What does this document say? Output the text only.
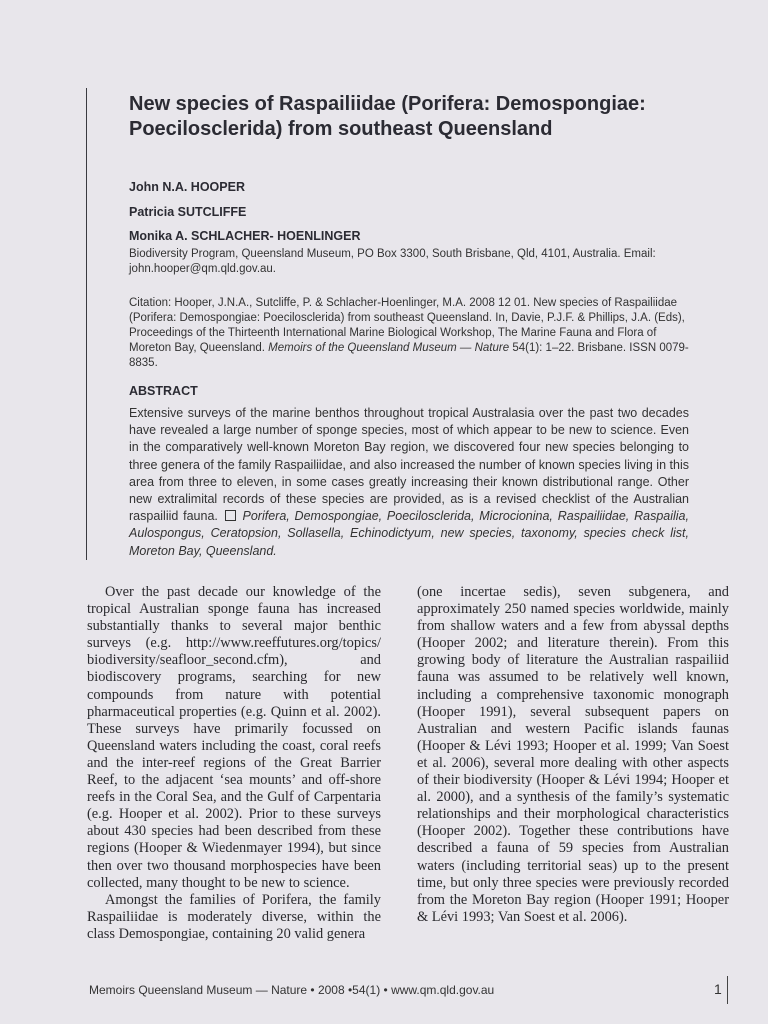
New species of Raspailiidae (Porifera: Demospongiae: Poecilosclerida) from southeast Queensland
John N.A. HOOPER
Patricia SUTCLIFFE
Monika A. SCHLACHER- HOENLINGER
Biodiversity Program, Queensland Museum, PO Box 3300, South Brisbane, Qld, 4101, Australia. Email: john.hooper@qm.qld.gov.au.
Citation: Hooper, J.N.A., Sutcliffe, P. & Schlacher-Hoenlinger, M.A. 2008 12 01. New species of Raspailiidae (Porifera: Demospongiae: Poecilosclerida) from southeast Queensland. In, Davie, P.J.F. & Phillips, J.A. (Eds), Proceedings of the Thirteenth International Marine Biological Workshop, The Marine Fauna and Flora of Moreton Bay, Queensland. Memoirs of the Queensland Museum — Nature 54(1): 1–22. Brisbane. ISSN 0079-8835.
ABSTRACT
Extensive surveys of the marine benthos throughout tropical Australasia over the past two decades have revealed a large number of sponge species, most of which appear to be new to science. Even in the comparatively well-known Moreton Bay region, we discovered four new species belonging to three genera of the family Raspailiidae, and also increased the number of known species living in this area from three to eleven, in some cases greatly increasing their known distributional range. Other new extralimital records of these species are provided, as is a revised checklist of the Australian raspailiid fauna. Porifera, Demospongiae, Poecilosclerida, Microcionina, Raspailiidae, Raspailia, Aulospongus, Ceratopsion, Sollasella, Echinodictyum, new species, taxonomy, species check list, Moreton Bay, Queensland.

Over the past decade our knowledge of the tropical Australian sponge fauna has increased substantially thanks to several major benthic surveys (e.g. http://www.reeffutures.org/topics/ biodiversity/seafloor_second.cfm), and biodiscovery programs, searching for new compounds from nature with potential pharmaceutical properties (e.g. Quinn et al. 2002). These surveys have primarily focussed on Queensland waters including the coast, coral reefs and the inter-reef regions of the Great Barrier Reef, to the adjacent ‘sea mounts’ and off-shore reefs in the Coral Sea, and the Gulf of Carpentaria (e.g. Hooper et al. 2002). Prior to these surveys about 430 species had been described from these regions (Hooper & Wiedenmayer 1994), but since then over two thousand morphospecies have been collected, many thought to be new to science.

Amongst the families of Porifera, the family Raspailiidae is moderately diverse, within the class Demospongiae, containing 20 valid genera

(one incertae sedis), seven subgenera, and approximately 250 named species worldwide, mainly from shallow waters and a few from abyssal depths (Hooper 2002; and literature therein). From this growing body of literature the Australian raspailiid fauna was assumed to be relatively well known, including a comprehensive taxonomic monograph (Hooper 1991), several subsequent papers on Australian and western Pacific islands faunas (Hooper & Lévi 1993; Hooper et al. 1999; Van Soest et al. 2006), several more dealing with other aspects of their biodiversity (Hooper & Lévi 1994; Hooper et al. 2000), and a synthesis of the family’s systematic relationships and their morphological characteristics (Hooper 2002). Together these contributions have described a fauna of 59 species from Australian waters (including territorial seas) up to the present time, but only three species were previously recorded from the Moreton Bay region (Hooper 1991; Hooper & Lévi 1993; Van Soest et al. 2006).

Memoirs Queensland Museum — Nature • 2008 •54(1) • www.qm.qld.gov.au	1
